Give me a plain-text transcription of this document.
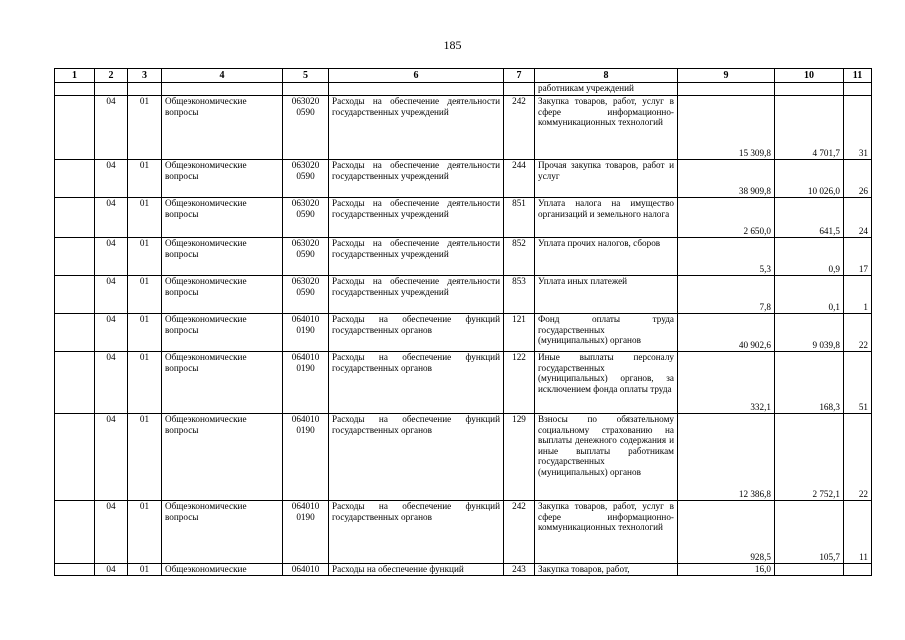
185
1	2	3	4	5	6	7	8	9	10	11
							работникам учреждений			
	04	01	Общеэкономические вопросы	063020 0590	Расходы на обеспечение деятельности государственных учреждений	242	Закупка товаров, работ, услуг в сфере информационно-коммуникационных технологий	15 309,8	4 701,7	31
	04	01	Общеэкономические вопросы	063020 0590	Расходы на обеспечение деятельности государственных учреждений	244	Прочая закупка товаров, работ и услуг	38 909,8	10 026,0	26
	04	01	Общеэкономические вопросы	063020 0590	Расходы на обеспечение деятельности государственных учреждений	851	Уплата налога на имущество организаций и земельного налога	2 650,0	641,5	24
	04	01	Общеэкономические вопросы	063020 0590	Расходы на обеспечение деятельности государственных учреждений	852	Уплата прочих налогов, сборов	5,3	0,9	17
	04	01	Общеэкономические вопросы	063020 0590	Расходы на обеспечение деятельности государственных учреждений	853	Уплата иных платежей	7,8	0,1	1
	04	01	Общеэкономические вопросы	064010 0190	Расходы на обеспечение функций государственных органов	121	Фонд оплаты труда государственных (муниципальных) органов	40 902,6	9 039,8	22
	04	01	Общеэкономические вопросы	064010 0190	Расходы на обеспечение функций государственных органов	122	Иные выплаты персоналу государственных (муниципальных) органов, за исключением фонда оплаты труда	332,1	168,3	51
	04	01	Общеэкономические вопросы	064010 0190	Расходы на обеспечение функций государственных органов	129	Взносы по обязательному социальному страхованию на выплаты денежного содержания и иные выплаты работникам государственных (муниципальных) органов	12 386,8	2 752,1	22
	04	01	Общеэкономические вопросы	064010 0190	Расходы на обеспечение функций государственных органов	242	Закупка товаров, работ, услуг в сфере информационно-коммуникационных технологий	928,5	105,7	11
	04	01	Общеэкономические	064010	Расходы на обеспечение функций	243	Закупка товаров, работ,	16,0		
